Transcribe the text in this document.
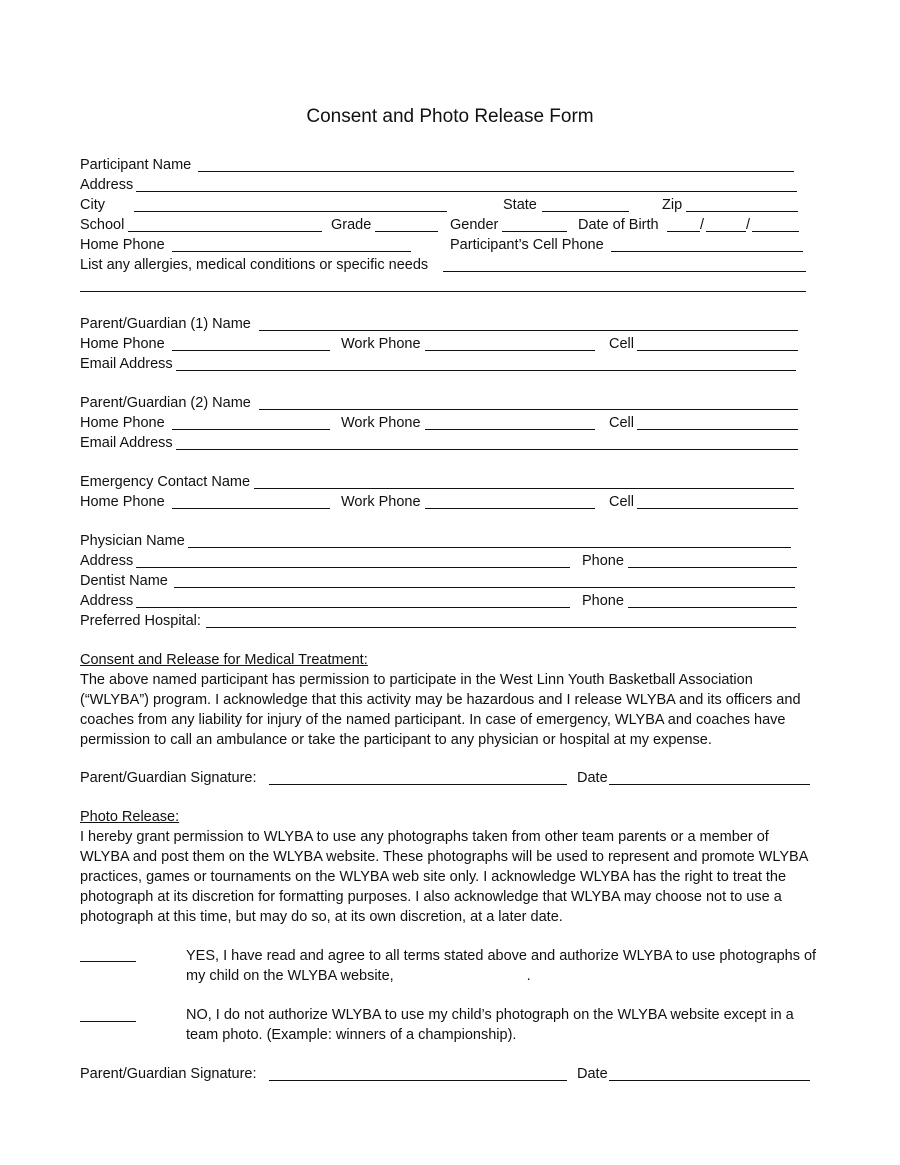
Consent and Photo Release Form
Participant Name
Address
City	State	Zip
School	Grade	Gender	Date of Birth	/	/
Home Phone	Participant’s Cell Phone
List any allergies, medical conditions or specific needs
Parent/Guardian (1) Name
Home Phone	Work Phone	Cell
Email Address
Parent/Guardian (2) Name
Home Phone	Work Phone	Cell
Email Address
Emergency Contact Name
Home Phone	Work Phone	Cell
Physician Name
Address	Phone
Dentist Name
Address	Phone
Preferred Hospital:
Consent and Release for Medical Treatment:
The above named participant has permission to participate in the West Linn Youth Basketball Association
(“WLYBA”) program. I acknowledge that this activity may be hazardous and I release WLYBA and its officers and
coaches from any liability for injury of the named participant. In case of emergency, WLYBA and coaches have
permission to call an ambulance or take the participant to any physician or hospital at my expense.
Parent/Guardian Signature:	Date
Photo Release:
I hereby grant permission to WLYBA to use any photographs taken from other team parents or a member of
WLYBA and post them on the WLYBA website. These photographs will be used to represent and promote WLYBA
practices, games or tournaments on the WLYBA web site only. I acknowledge WLYBA has the right to treat the
photograph at its discretion for formatting purposes. I also acknowledge that WLYBA may choose not to use a
photograph at this time, but may do so, at its own discretion, at a later date.
YES, I have read and agree to all terms stated above and authorize WLYBA to use photographs of
my child on the WLYBA website,	.
NO, I do not authorize WLYBA to use my child’s photograph on the WLYBA website except in a
team photo. (Example: winners of a championship).
Parent/Guardian Signature:	Date
